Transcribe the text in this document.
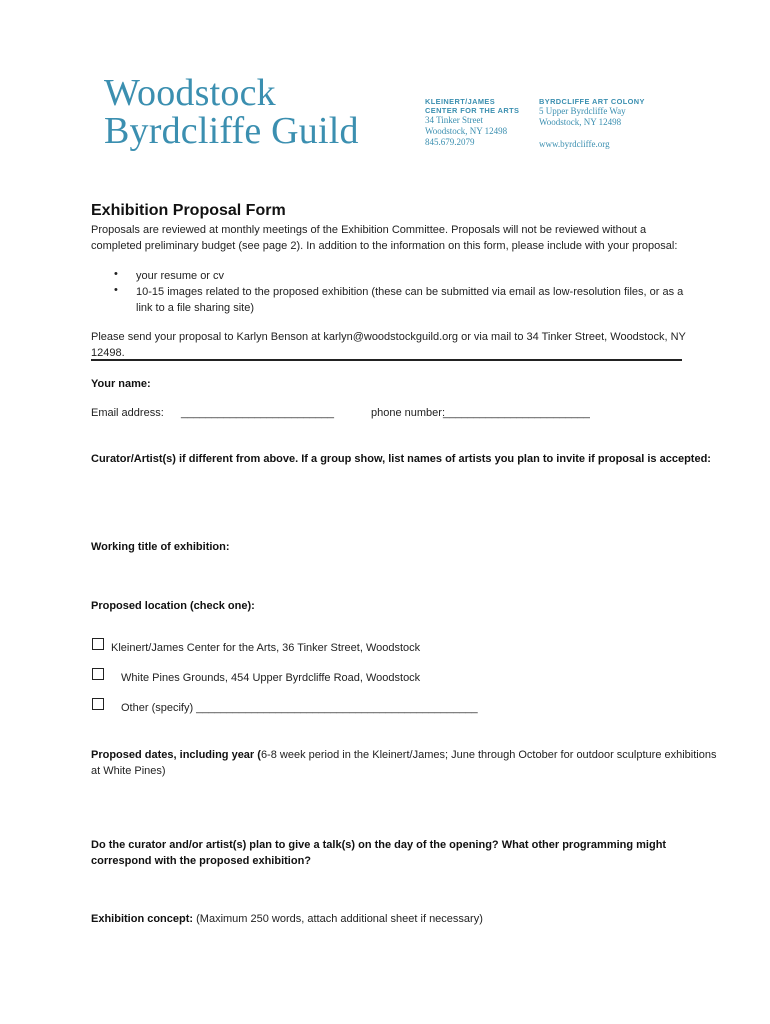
Woodstock
Byrdcliffe Guild
KLEINERT/JAMES
CENTER FOR THE ARTS
34 Tinker Street
Woodstock, NY 12498
845.679.2079
BYRDCLIFFE ART COLONY
5 Upper Byrdcliffe Way
Woodstock, NY 12498
www.byrdcliffe.org
Exhibition Proposal Form
Proposals are reviewed at monthly meetings of the Exhibition Committee. Proposals will not be reviewed without a completed preliminary budget (see page 2). In addition to the information on this form, please include with your proposal:
• your resume or cv
• 10-15 images related to the proposed exhibition (these can be submitted via email as low-resolution files, or as a link to a file sharing site)
Please send your proposal to Karlyn Benson at karlyn@woodstockguild.org or via mail to 34 Tinker Street, Woodstock, NY
12498.
Your name:
Email address: _________________________	phone number:
________________________
Curator/Artist(s) if different from above. If a group show, list names of artists you plan to invite if proposal is accepted:
Working title of exhibition:
Proposed location (check one):
Kleinert/James Center for the Arts, 36 Tinker Street, Woodstock
White Pines Grounds, 454 Upper Byrdcliffe Road, Woodstock
Other (specify) ______________________________________________
Proposed dates, including year (6-8 week period in the Kleinert/James; June through October for outdoor sculpture exhibitions
at White Pines)
Do the curator and/or artist(s) plan to give a talk(s) on the day of the opening? What other programming might
correspond with the proposed exhibition?
Exhibition concept: (Maximum 250 words, attach additional sheet if necessary)
